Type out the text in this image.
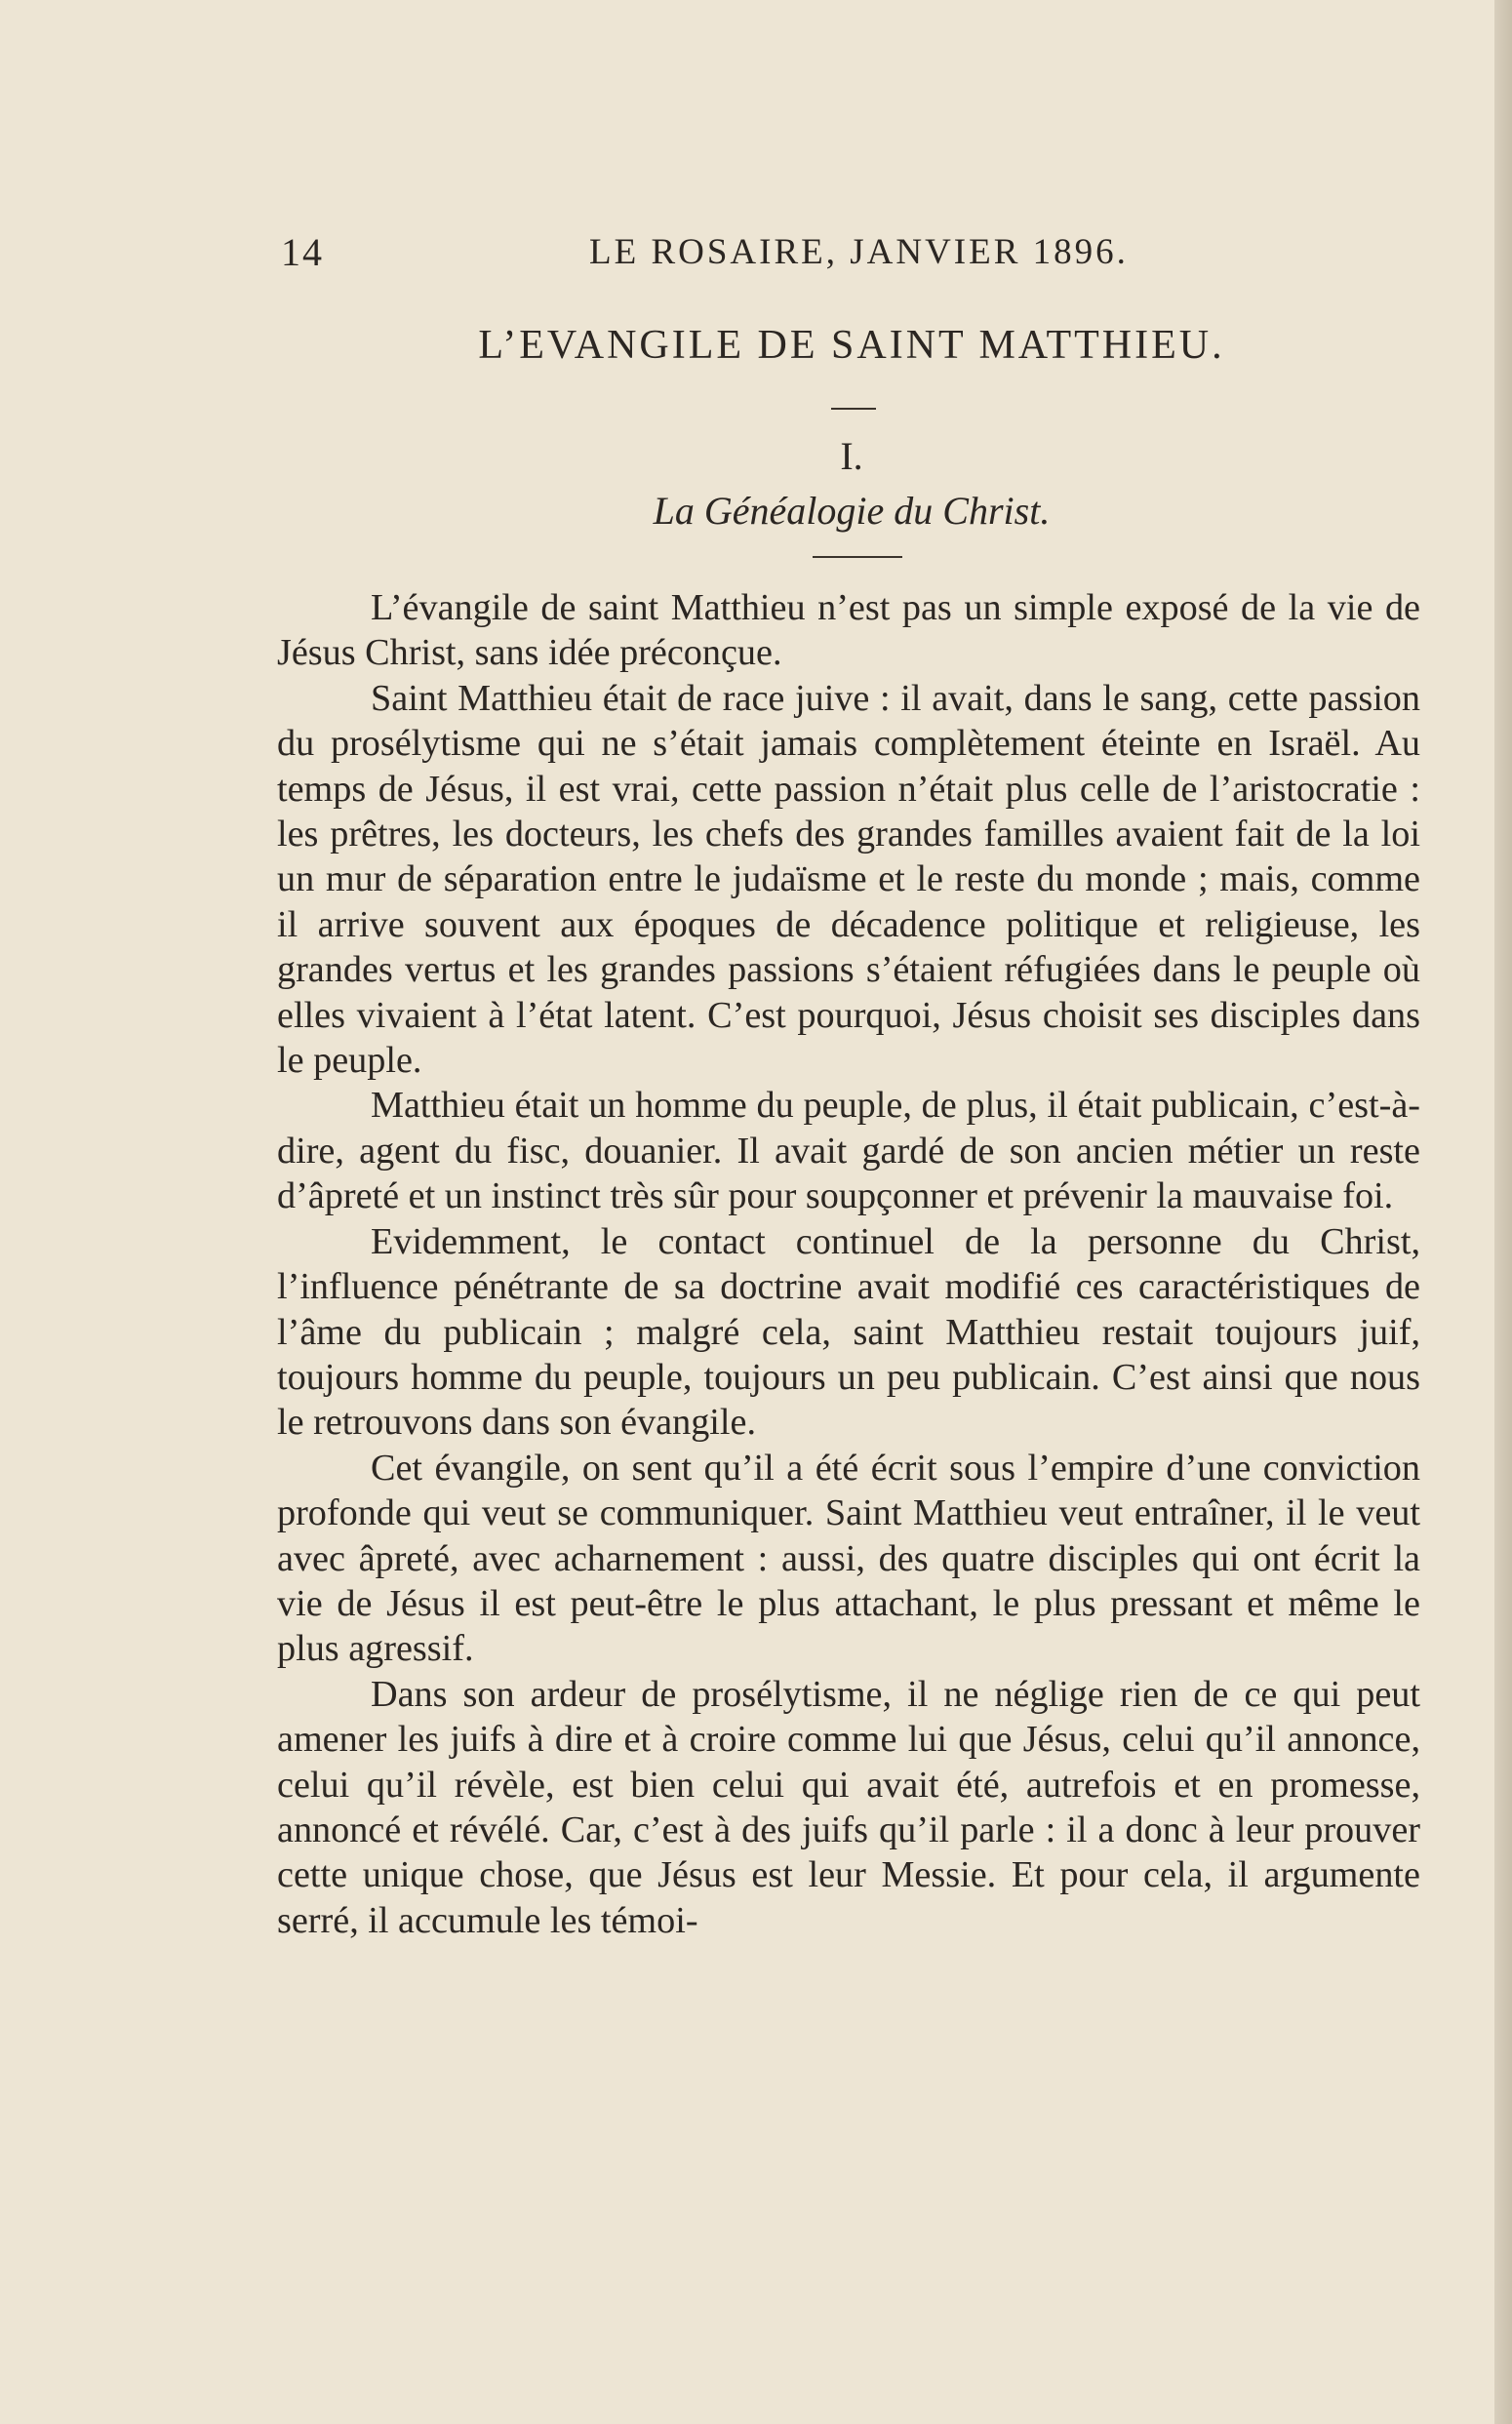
14	LE ROSAIRE, JANVIER 1896.
L’EVANGILE DE SAINT MATTHIEU.
I.
La Généalogie du Christ.

L’évangile de saint Matthieu n’est pas un simple exposé de la vie de Jésus Christ, sans idée préconçue.

Saint Matthieu était de race juive : il avait, dans le sang, cette passion du prosélytisme qui ne s’était jamais complètement éteinte en Israël. Au temps de Jésus, il est vrai, cette passion n’était plus celle de l’aristocratie : les prêtres, les docteurs, les chefs des grandes familles avaient fait de la loi un mur de séparation entre le judaïsme et le reste du monde ; mais, comme il arrive souvent aux époques de décadence politique et religieuse, les grandes vertus et les grandes passions s’étaient réfugiées dans le peuple où elles vivaient à l’état latent. C’est pourquoi, Jésus choisit ses disciples dans le peuple.

Matthieu était un homme du peuple, de plus, il était publicain, c’est-à-dire, agent du fisc, douanier. Il avait gardé de son ancien métier un reste d’âpreté et un instinct très sûr pour soupçonner et prévenir la mauvaise foi.

Evidemment, le contact continuel de la personne du Christ, l’influence pénétrante de sa doctrine avait modifié ces caractéristiques de l’âme du publicain ; malgré cela, saint Matthieu restait toujours juif, toujours homme du peuple, toujours un peu publicain. C’est ainsi que nous le retrouvons dans son évangile.

Cet évangile, on sent qu’il a été écrit sous l’empire d’une conviction profonde qui veut se communiquer. Saint Matthieu veut entraîner, il le veut avec âpreté, avec acharnement : aussi, des quatre disciples qui ont écrit la vie de Jésus il est peut-être le plus attachant, le plus pressant et même le plus agressif.

Dans son ardeur de prosélytisme, il ne néglige rien de ce qui peut amener les juifs à dire et à croire comme lui que Jésus, celui qu’il annonce, celui qu’il révèle, est bien celui qui avait été, autrefois et en promesse, annoncé et révélé. Car, c’est à des juifs qu’il parle : il a donc à leur prouver cette unique chose, que Jésus est leur Messie. Et pour cela, il argumente serré, il accumule les témoi-
